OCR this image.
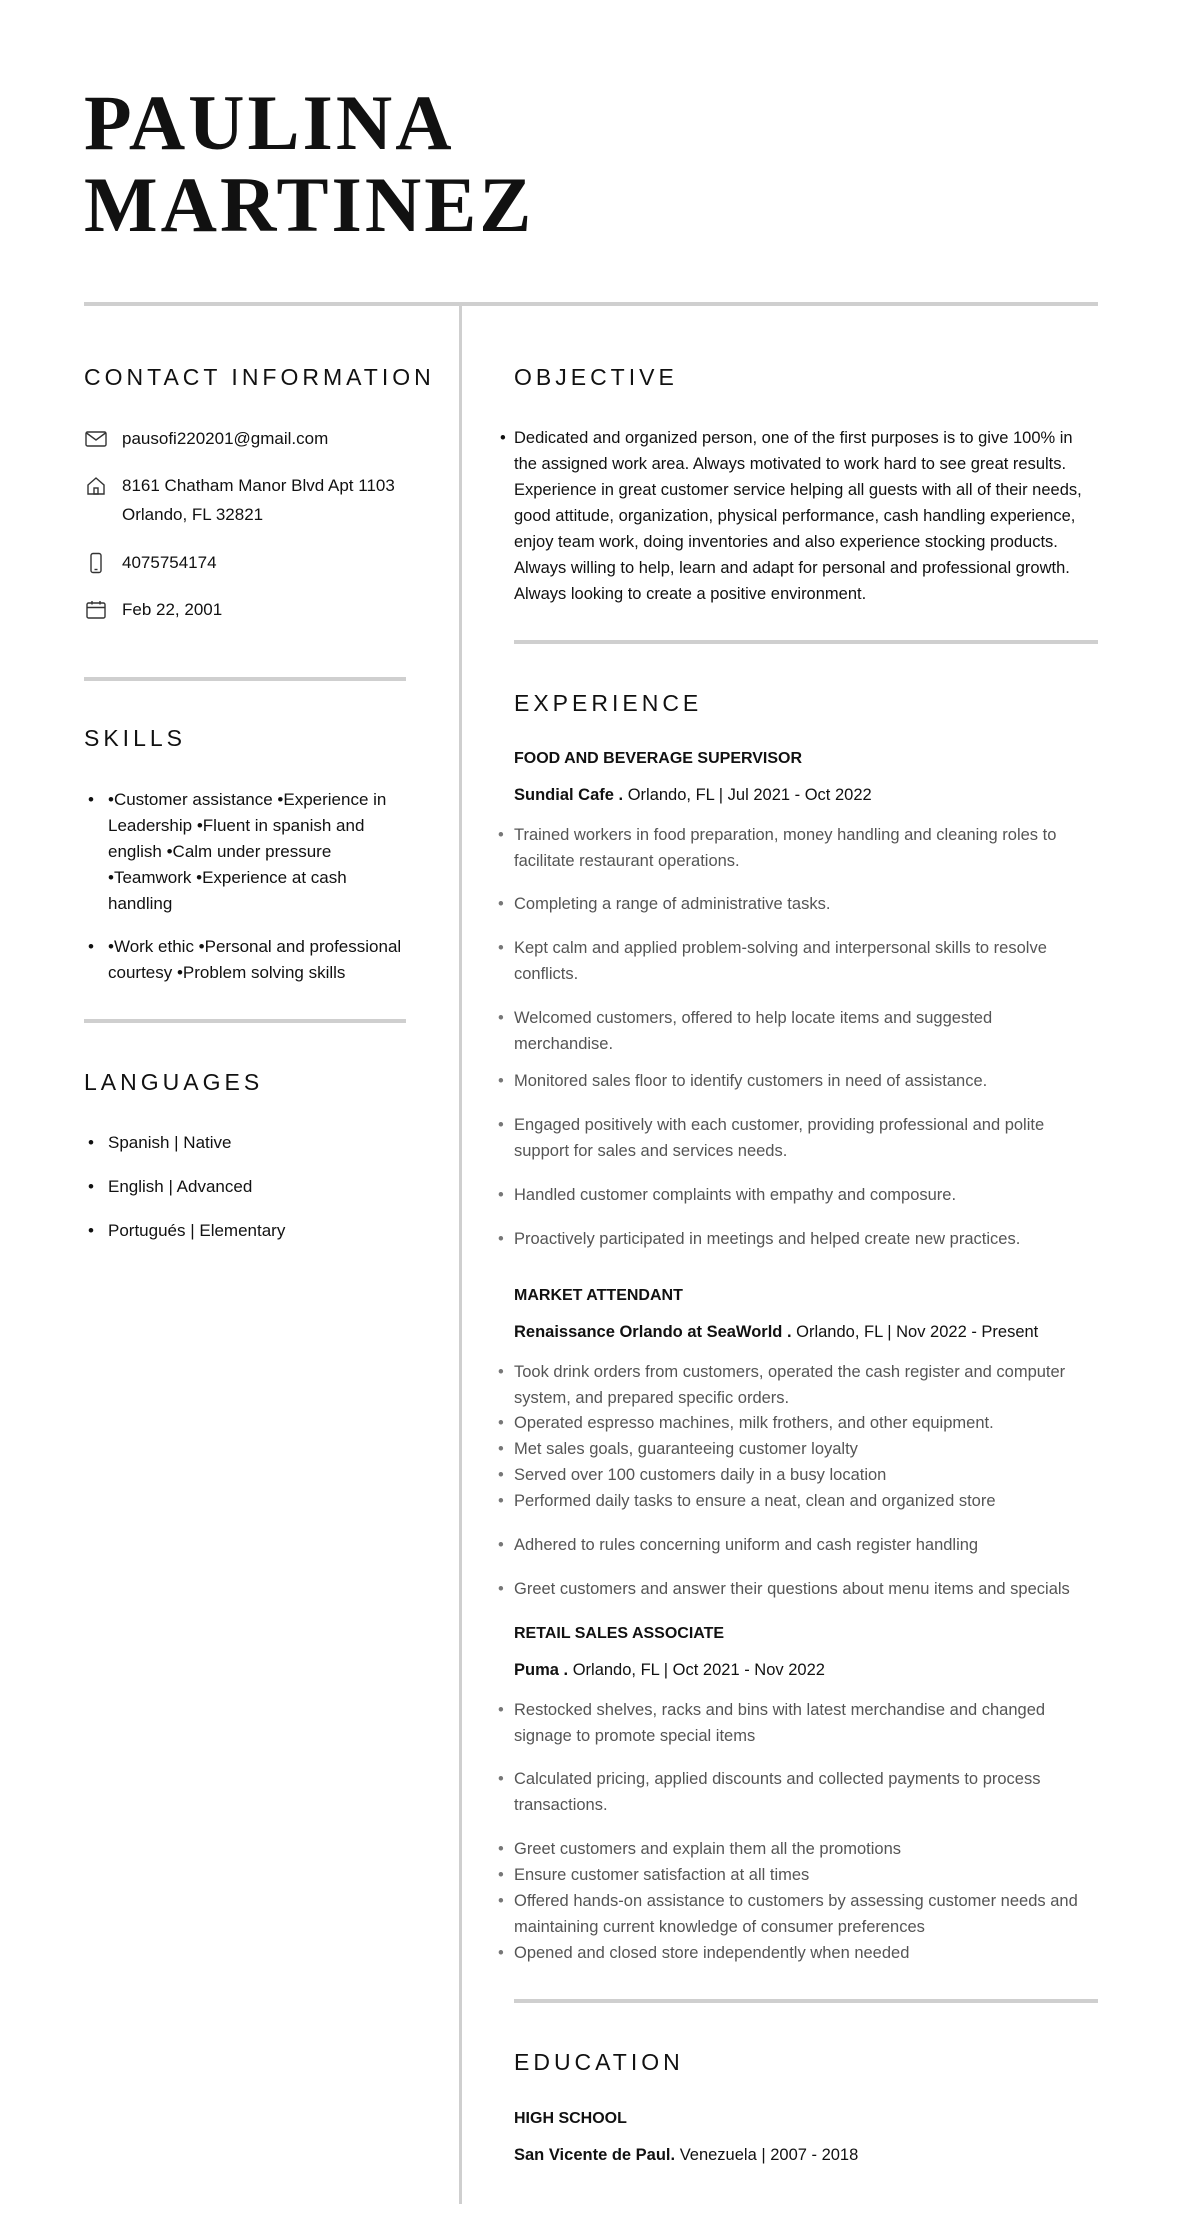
PAULINA
MARTINEZ
CONTACT INFORMATION
pausofi220201@gmail.com
8161 Chatham Manor Blvd Apt 1103
Orlando, FL 32821
4075754174
Feb 22, 2001
SKILLS
• •Customer assistance •Experience in Leadership •Fluent in spanish and english •Calm under pressure •Teamwork •Experience at cash handling
• •Work ethic •Personal and professional courtesy •Problem solving skills
LANGUAGES
• Spanish | Native
• English | Advanced
• Portugués | Elementary
OBJECTIVE
• Dedicated and organized person, one of the first purposes is to give 100% in the assigned work area. Always motivated to work hard to see great results. Experience in great customer service helping all guests with all of their needs, good attitude, organization, physical performance, cash handling experience, enjoy team work, doing inventories and also experience stocking products. Always willing to help, learn and adapt for personal and professional growth. Always looking to create a positive environment.
EXPERIENCE
FOOD AND BEVERAGE SUPERVISOR
Sundial Cafe . Orlando, FL | Jul 2021 - Oct 2022
• Trained workers in food preparation, money handling and cleaning roles to facilitate restaurant operations.
• Completing a range of administrative tasks.
• Kept calm and applied problem-solving and interpersonal skills to resolve conflicts.
• Welcomed customers, offered to help locate items and suggested merchandise.
• Monitored sales floor to identify customers in need of assistance.
• Engaged positively with each customer, providing professional and polite support for sales and services needs.
• Handled customer complaints with empathy and composure.
• Proactively participated in meetings and helped create new practices.
MARKET ATTENDANT
Renaissance Orlando at SeaWorld . Orlando, FL | Nov 2022 - Present
• Took drink orders from customers, operated the cash register and computer system, and prepared specific orders.
• Operated espresso machines, milk frothers, and other equipment.
• Met sales goals, guaranteeing customer loyalty
• Served over 100 customers daily in a busy location
• Performed daily tasks to ensure a neat, clean and organized store
• Adhered to rules concerning uniform and cash register handling
• Greet customers and answer their questions about menu items and specials
RETAIL SALES ASSOCIATE
Puma . Orlando, FL | Oct 2021 - Nov 2022
• Restocked shelves, racks and bins with latest merchandise and changed signage to promote special items
• Calculated pricing, applied discounts and collected payments to process transactions.
• Greet customers and explain them all the promotions
• Ensure customer satisfaction at all times
• Offered hands-on assistance to customers by assessing customer needs and maintaining current knowledge of consumer preferences
• Opened and closed store independently when needed
EDUCATION
HIGH SCHOOL
San Vicente de Paul. Venezuela | 2007 - 2018
